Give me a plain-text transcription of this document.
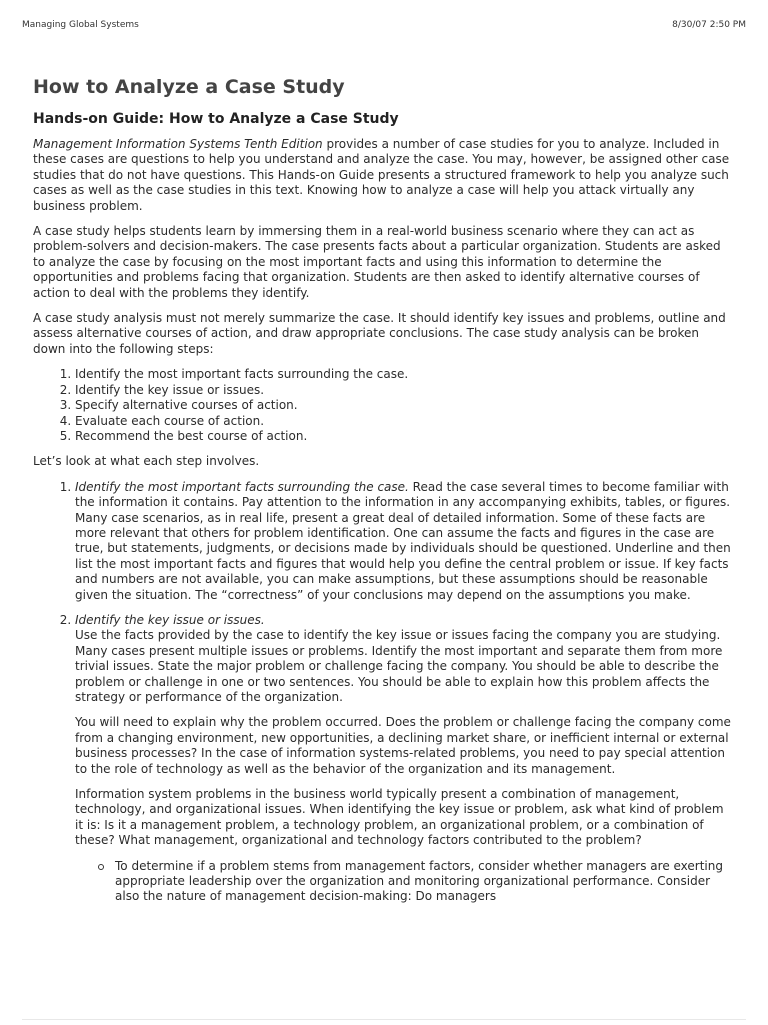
Managing Global Systems	8/30/07 2:50 PM
How to Analyze a Case Study
Hands-on Guide: How to Analyze a Case Study

Management Information Systems Tenth Edition provides a number of case studies for you to analyze. Included in these cases are questions to help you understand and analyze the case. You may, however, be assigned other case studies that do not have questions. This Hands-on Guide presents a structured framework to help you analyze such cases as well as the case studies in this text. Knowing how to analyze a case will help you attack virtually any business problem.

A case study helps students learn by immersing them in a real-world business scenario where they can act as problem-solvers and decision-makers. The case presents facts about a particular organization. Students are asked to analyze the case by focusing on the most important facts and using this information to determine the opportunities and problems facing that organization. Students are then asked to identify alternative courses of action to deal with the problems they identify.

A case study analysis must not merely summarize the case. It should identify key issues and problems, outline and assess alternative courses of action, and draw appropriate conclusions. The case study analysis can be broken down into the following steps:

1. Identify the most important facts surrounding the case.
2. Identify the key issue or issues.
3. Specify alternative courses of action.
4. Evaluate each course of action.
5. Recommend the best course of action.

Let’s look at what each step involves.

1. Identify the most important facts surrounding the case. Read the case several times to become familiar with the information it contains. Pay attention to the information in any accompanying exhibits, tables, or figures. Many case scenarios, as in real life, present a great deal of detailed information. Some of these facts are more relevant that others for problem identification. One can assume the facts and figures in the case are true, but statements, judgments, or decisions made by individuals should be questioned. Underline and then list the most important facts and figures that would help you define the central problem or issue. If key facts and numbers are not available, you can make assumptions, but these assumptions should be reasonable given the situation. The “correctness” of your conclusions may depend on the assumptions you make.
2. Identify the key issue or issues.

Use the facts provided by the case to identify the key issue or issues facing the company you are studying. Many cases present multiple issues or problems. Identify the most important and separate them from more trivial issues. State the major problem or challenge facing the company. You should be able to describe the problem or challenge in one or two sentences. You should be able to explain how this problem affects the strategy or performance of the organization.

You will need to explain why the problem occurred. Does the problem or challenge facing the company come from a changing environment, new opportunities, a declining market share, or inefficient internal or external business processes? In the case of information systems-related problems, you need to pay special attention to the role of technology as well as the behavior of the organization and its management.

Information system problems in the business world typically present a combination of management, technology, and organizational issues. When identifying the key issue or problem, ask what kind of problem it is: Is it a management problem, a technology problem, an organizational problem, or a combination of these? What management, organizational and technology factors contributed to the problem?

To determine if a problem stems from management factors, consider whether managers are exerting appropriate leadership over the organization and monitoring organizational performance. Consider also the nature of management decision-making: Do managers
